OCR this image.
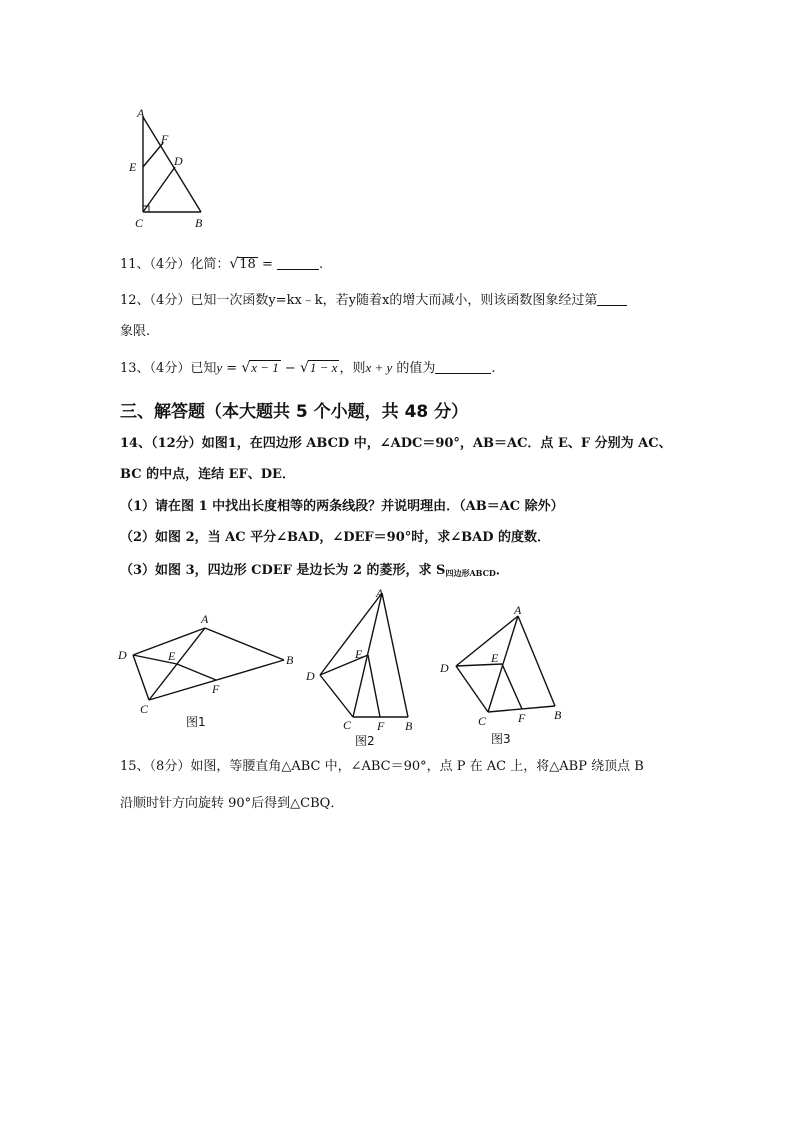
A
F
E	D
C	B
11、（4分）化简：√18 =	.
12、（4分）已知一次函数y=kx﹣k，若y随着x的增大而减小，则该函数图象经过第
象限.
13、（4分）已知y = √x − 1 − √1 − x ，则x + y 的值为	.
三、解答题（本大题共 5 个小题，共 48 分）
14、（12分）如图1，在四边形 ABCD 中，∠ADC＝90°，AB＝AC．点 E、F 分别为 AC、
BC 的中点，连结 EF、DE．
（1）请在图 1 中找出长度相等的两条线段？并说明理由．（AB＝AC 除外）
（2）如图 2，当 AC 平分∠BAD，∠DEF＝90°时，求∠BAD 的度数．
（3）如图 3，四边形 CDEF 是边长为 2 的菱形，求 $S_{四边形ABCD}$．
A
D	E	B
F
C
图1
A
E
D
C F B
图2
A
E
D
C	F B
图3
15、（8分）如图，等腰直角△ABC 中，∠ABC＝90°，点 P 在 AC 上，将△ABP 绕顶点 B
沿顺时针方向旋转 90°后得到△CBQ．
